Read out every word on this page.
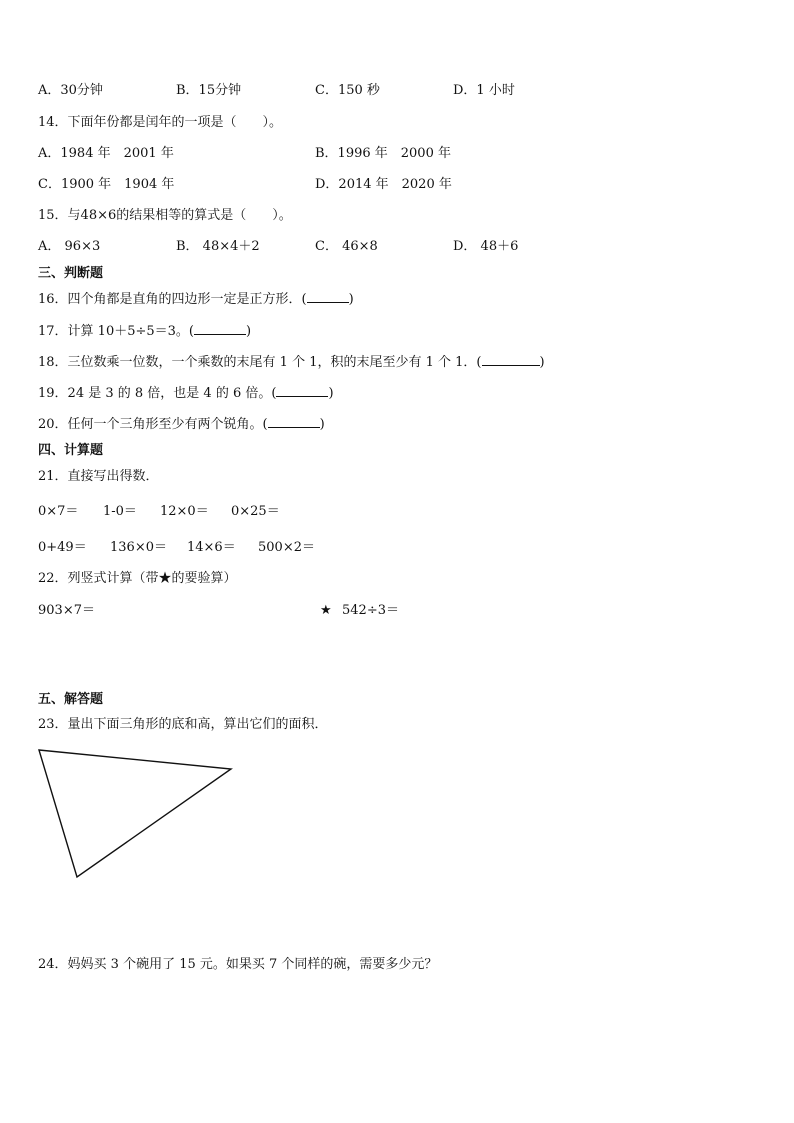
A．30分钟	B．15分钟	C．150 秒	D．1 小时
14．下面年份都是闰年的一项是（　　）。
A．1984 年　2001 年	B．1996 年　2000 年
C．1900 年　1904 年	D．2014 年　2020 年
15．与48×6的结果相等的算式是（　　）。
A． 96×3	B． 48×4＋2	C． 46×8	D． 48＋6
三、判断题
16．四个角都是直角的四边形一定是正方形．(	)
17．计算 10＋5÷5＝3。(	)
18．三位数乘一位数，一个乘数的末尾有 1 个 1，积的末尾至少有 1 个 1．(	)
19．24 是 3 的 8 倍，也是 4 的 6 倍。(	)
20．任何一个三角形至少有两个锐角。(	)
四、计算题
21．直接写出得数．
0×7＝ 1-0＝ 12×0＝ 0×25＝
0+49＝ 136×0＝ 14×6＝ 500×2＝
22．列竖式计算（带★的要验算）
903×7＝	★ 542÷3＝
五、解答题
23．量出下面三角形的底和高，算出它们的面积．
24．妈妈买 3 个碗用了 15 元。如果买 7 个同样的碗，需要多少元？
